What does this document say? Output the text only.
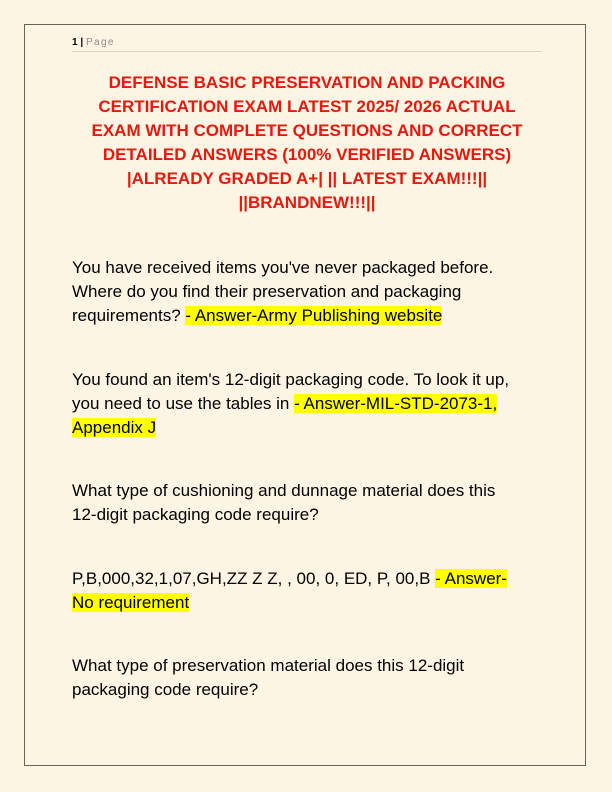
1 | Page
DEFENSE BASIC PRESERVATION AND PACKING
CERTIFICATION EXAM LATEST 2025/ 2026 ACTUAL
EXAM WITH COMPLETE QUESTIONS AND CORRECT
DETAILED ANSWERS (100% VERIFIED ANSWERS)
|ALREADY GRADED A+| || LATEST EXAM!!!||
||BRANDNEW!!!||
You have received items you've never packaged before.
Where do you find their preservation and packaging
requirements? - Answer-Army Publishing website
You found an item's 12-digit packaging code. To look it up,
you need to use the tables in - Answer-MIL-STD-2073-1,
Appendix J
What type of cushioning and dunnage material does this
12-digit packaging code require?
P,B,000,32,1,07,GH,ZZ Z Z, , 00, 0, ED, P, 00,B - Answer-
No requirement
What type of preservation material does this 12-digit
packaging code require?
